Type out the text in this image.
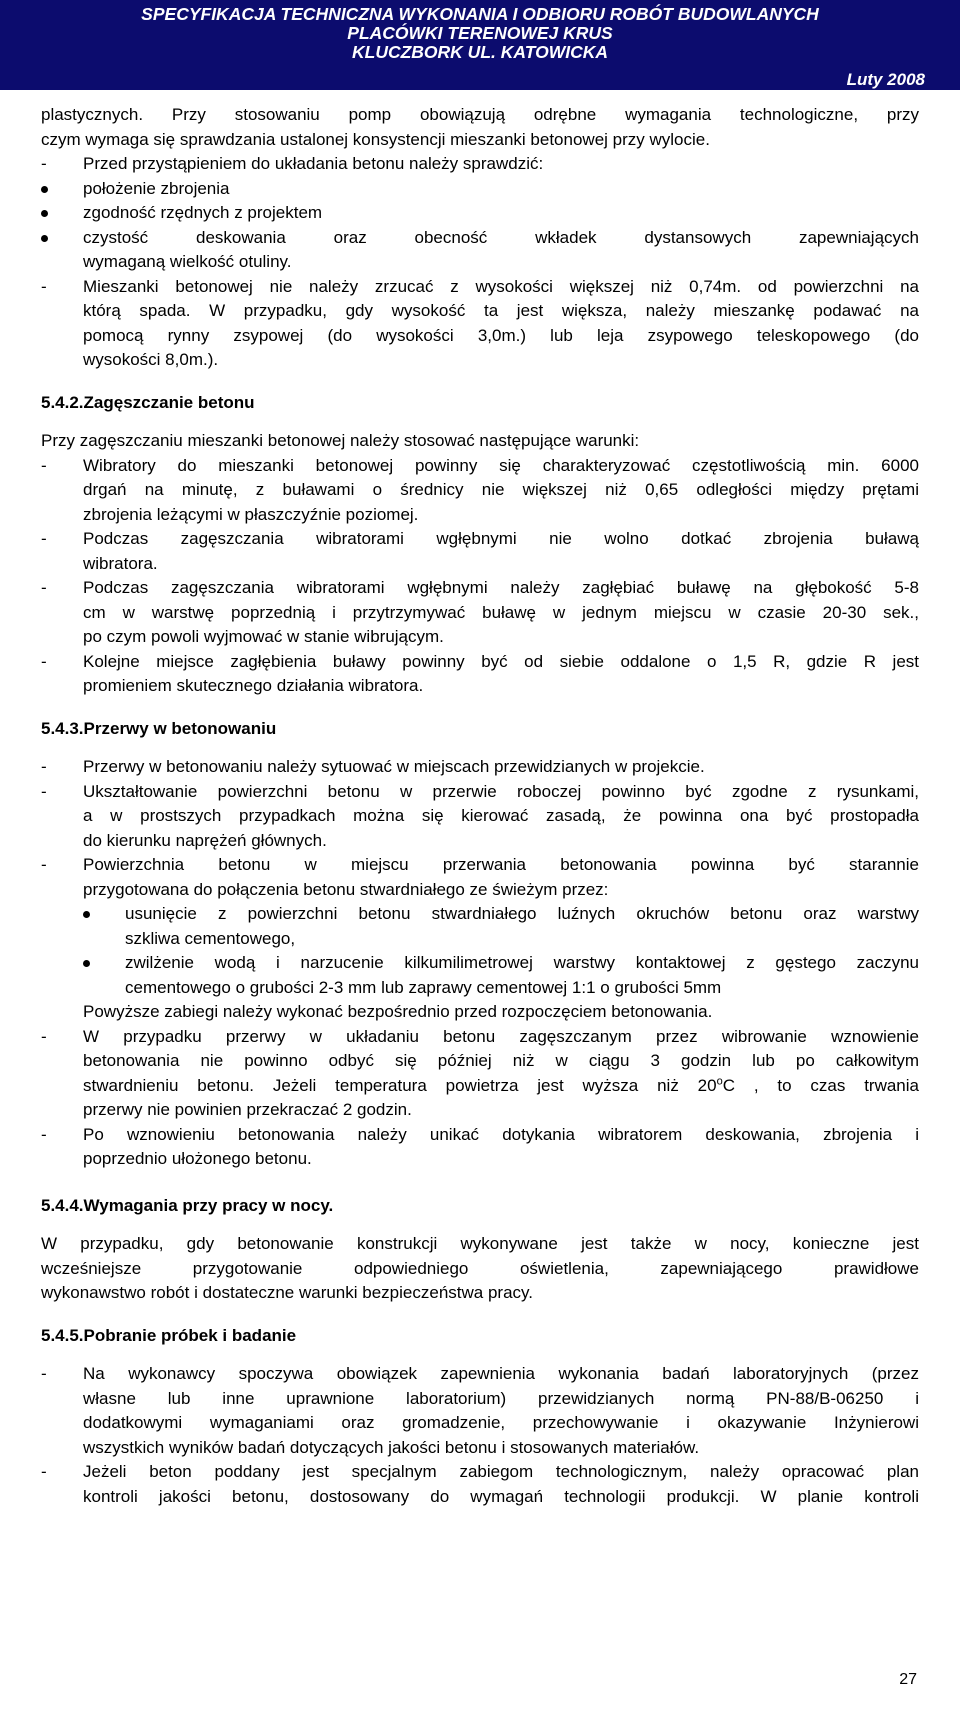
SPECYFIKACJA TECHNICZNA WYKONANIA I ODBIORU ROBÓT BUDOWLANYCH
PLACÓWKI TERENOWEJ KRUS
KLUCZBORK UL. KATOWICKA
Luty 2008

plastycznych. Przy stosowaniu pomp obowiązują odrębne wymagania technologiczne, przy

czym wymaga się sprawdzania ustalonej konsystencji mieszanki betonowej przy wylocie.

- Przed przystąpieniem do układania betonu należy sprawdzić:

położenie zbrojenia

zgodność rzędnych z projektem

czystość deskowania oraz obecność wkładek dystansowych zapewniających

wymaganą wielkość otuliny.

- Mieszanki betonowej nie należy zrzucać z wysokości większej niż 0,74m. od powierzchni na

którą spada. W przypadku, gdy wysokość ta jest większa, należy mieszankę podawać na

pomocą rynny zsypowej (do wysokości 3,0m.) lub leja zsypowego teleskopowego (do

wysokości 8,0m.).

5.4.2.Zagęszczanie betonu

Przy zagęszczaniu mieszanki betonowej należy stosować następujące warunki:

- Wibratory do mieszanki betonowej powinny się charakteryzować częstotliwością min. 6000

drgań na minutę, z buławami o średnicy nie większej niż 0,65 odległości między prętami

zbrojenia leżącymi w płaszczyźnie poziomej.

- Podczas zagęszczania wibratorami wgłębnymi nie wolno dotkać zbrojenia buławą

wibratora.

- Podczas zagęszczania wibratorami wgłębnymi należy zagłębiać buławę na głębokość 5-8

cm w warstwę poprzednią i przytrzymywać buławę w jednym miejscu w czasie 20-30 sek.,

po czym powoli wyjmować w stanie wibrującym.

- Kolejne miejsce zagłębienia buławy powinny być od siebie oddalone o 1,5 R, gdzie R jest

promieniem skutecznego działania wibratora.

5.4.3.Przerwy w betonowaniu

- Przerwy w betonowaniu należy sytuować w miejscach przewidzianych w projekcie.

- Ukształtowanie powierzchni betonu w przerwie roboczej powinno być zgodne z rysunkami,

a w prostszych przypadkach można się kierować zasadą, że powinna ona być prostopadła

do kierunku naprężeń głównych.

- Powierzchnia betonu w miejscu przerwania betonowania powinna być starannie

przygotowana do połączenia betonu stwardniałego ze świeżym przez:

usunięcie z powierzchni betonu stwardniałego luźnych okruchów betonu oraz warstwy

szkliwa cementowego,

zwilżenie wodą i narzucenie kilkumilimetrowej warstwy kontaktowej z gęstego zaczynu

cementowego o grubości 2-3 mm lub zaprawy cementowej 1:1 o grubości 5mm

Powyższe zabiegi należy wykonać bezpośrednio przed rozpoczęciem betonowania.

- W przypadku przerwy w układaniu betonu zagęszczanym przez wibrowanie wznowienie

betonowania nie powinno odbyć się później niż w ciągu 3 godzin lub po całkowitym

stwardnieniu betonu. Jeżeli temperatura powietrza jest wyższa niż 20$^o$C , to czas trwania

przerwy nie powinien przekraczać 2 godzin.

- Po wznowieniu betonowania należy unikać dotykania wibratorem deskowania, zbrojenia i

poprzednio ułożonego betonu.

5.4.4.Wymagania przy pracy w nocy.

W przypadku, gdy betonowanie konstrukcji wykonywane jest także w nocy, konieczne jest

wcześniejsze przygotowanie odpowiedniego oświetlenia, zapewniającego prawidłowe

wykonawstwo robót i dostateczne warunki bezpieczeństwa pracy.

5.4.5.Pobranie próbek i badanie

- Na wykonawcy spoczywa obowiązek zapewnienia wykonania badań laboratoryjnych (przez

własne lub inne uprawnione laboratorium) przewidzianych normą PN-88/B-06250 i

dodatkowymi wymaganiami oraz gromadzenie, przechowywanie i okazywanie Inżynierowi

wszystkich wyników badań dotyczących jakości betonu i stosowanych materiałów.

- Jeżeli beton poddany jest specjalnym zabiegom technologicznym, należy opracować plan

kontroli jakości betonu, dostosowany do wymagań technologii produkcji. W planie kontroli

27
